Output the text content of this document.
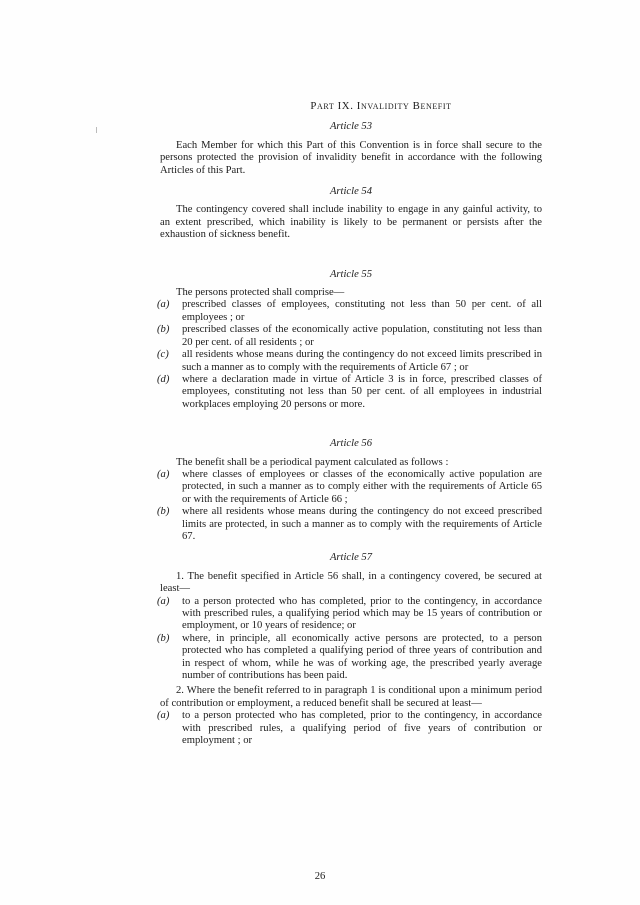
Part IX. Invalidity Benefit
Article 53

Each Member for which this Part of this Convention is in force shall secure to the persons protected the provision of invalidity benefit in accordance with the following Articles of this Part.

Article 54

The contingency covered shall include inability to engage in any gainful activity, to an extent prescribed, which inability is likely to be permanent or persists after the exhaustion of sickness benefit.

Article 55

The persons protected shall comprise—

(a) prescribed classes of employees, constituting not less than 50 per cent. of all employees ; or
(b) prescribed classes of the economically active population, constituting not less than 20 per cent. of all residents ; or
(c) all residents whose means during the contingency do not exceed limits prescribed in such a manner as to comply with the requirements of Article 67 ; or
(d) where a declaration made in virtue of Article 3 is in force, prescribed classes of employees, constituting not less than 50 per cent. of all employees in industrial workplaces employing 20 persons or more.
Article 56

The benefit shall be a periodical payment calculated as follows :

(a) where classes of employees or classes of the economically active population are protected, in such a manner as to comply either with the requirements of Article 65 or with the requirements of Article 66 ;
(b) where all residents whose means during the contingency do not exceed prescribed limits are protected, in such a manner as to comply with the requirements of Article 67.
Article 57

1. The benefit specified in Article 56 shall, in a contingency covered, be secured at least—

(a) to a person protected who has completed, prior to the contingency, in accordance with prescribed rules, a qualifying period which may be 15 years of contribution or employment, or 10 years of residence; or
(b) where, in principle, all economically active persons are protected, to a person protected who has completed a qualifying period of three years of contribution and in respect of whom, while he was of working age, the prescribed yearly average number of contributions has been paid.

2. Where the benefit referred to in paragraph 1 is conditional upon a minimum period of contribution or employment, a reduced benefit shall be secured at least—

(a) to a person protected who has completed, prior to the contingency, in accordance with prescribed rules, a qualifying period of five years of contribution or employment ; or
26
